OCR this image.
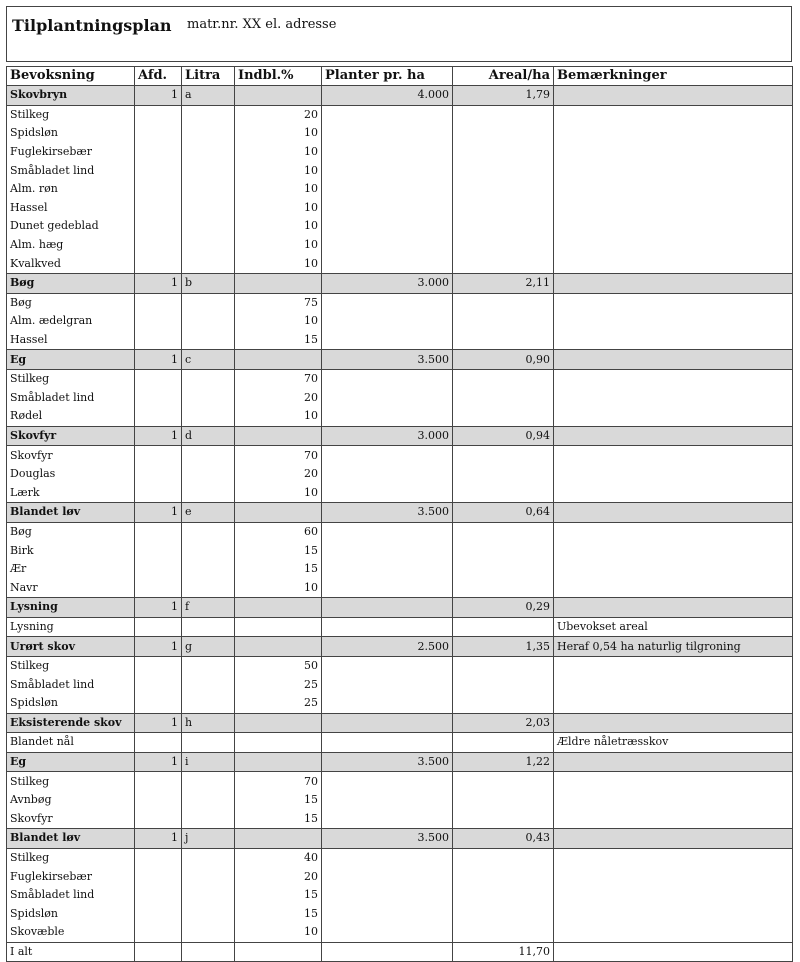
Tilplantningsplan matr.nr. XX el. adresse
Bevoksning	Afd.	Litra	Indbl.%	Planter pr. ha	Areal/ha	Bemærkninger
Skovbryn	1	a		4.000	1,79	
Stilkeg			20			
Spidsløn			10			
Fuglekirsebær			10			
Småbladet lind			10			
Alm. røn			10			
Hassel			10			
Dunet gedeblad			10			
Alm. hæg			10			
Kvalkved			10			
Bøg	1	b		3.000	2,11	
Bøg			75			
Alm. ædelgran			10			
Hassel			15			
Eg	1	c		3.500	0,90	
Stilkeg			70			
Småbladet lind			20			
Rødel			10			
Skovfyr	1	d		3.000	0,94	
Skovfyr			70			
Douglas			20			
Lærk			10			
Blandet løv	1	e		3.500	0,64	
Bøg			60			
Birk			15			
Ær			15			
Navr			10			
Lysning	1	f			0,29	
Lysning						Ubevokset areal
Urørt skov	1	g		2.500	1,35	Heraf 0,54 ha naturlig tilgroning
Stilkeg			50			
Småbladet lind			25			
Spidsløn			25			
Eksisterende skov	1	h			2,03	
Blandet nål						Ældre nåletræsskov
Eg	1	i		3.500	1,22	
Stilkeg			70			
Avnbøg			15			
Skovfyr			15			
Blandet løv	1	j		3.500	0,43	
Stilkeg			40			
Fuglekirsebær			20			
Småbladet lind			15			
Spidsløn			15			
Skovæble			10			
I alt					11,70	
